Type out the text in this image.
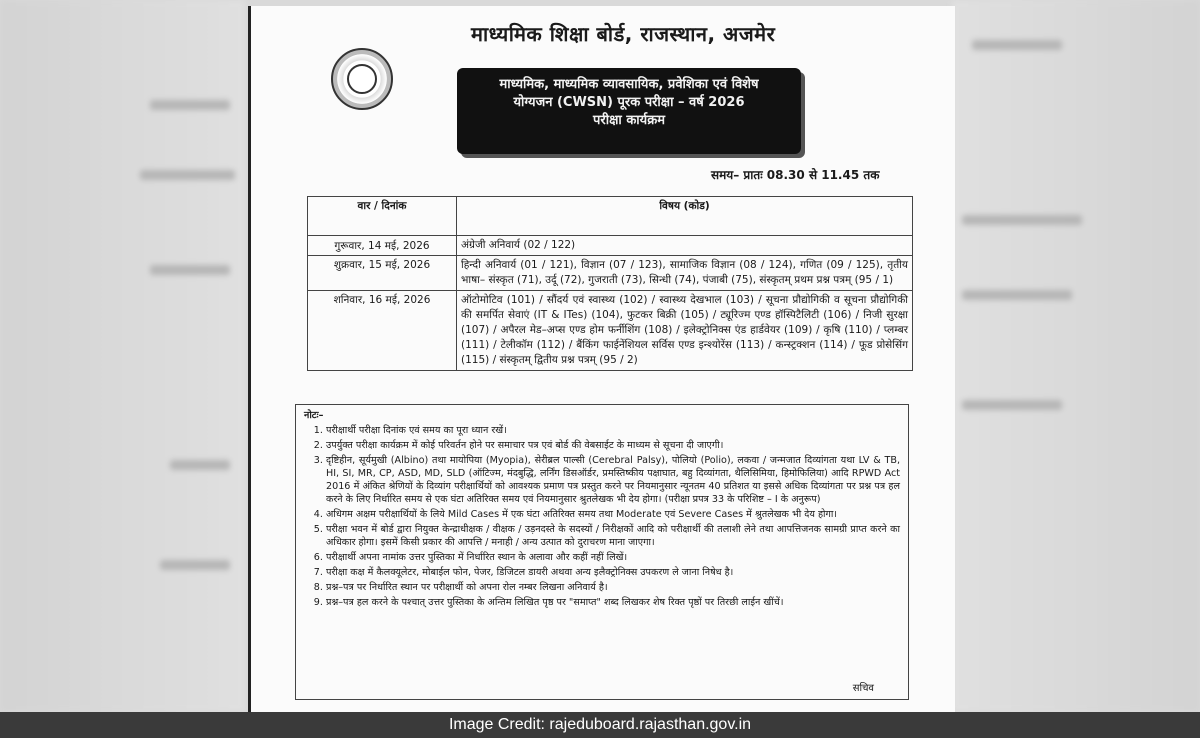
माध्यमिक शिक्षा बोर्ड, राजस्थान, अजमेर
माध्यमिक, माध्यमिक व्यावसायिक, प्रवेशिका एवं विशेष
योग्यजन (CWSN) पूरक परीक्षा – वर्ष 2026
परीक्षा कार्यक्रम
समय– प्रातः 08.30 से 11.45 तक
वार / दिनांक	विषय (कोड)
गुरूवार, 14 मई, 2026	अंग्रेजी अनिवार्य (02 / 122)
शुक्रवार, 15 मई, 2026	हिन्दी अनिवार्य (01 / 121), विज्ञान (07 / 123), सामाजिक विज्ञान (08 / 124), गणित (09 / 125), तृतीय भाषा– संस्कृत (71), उर्दू (72), गुजराती (73), सिन्धी (74), पंजाबी (75), संस्कृतम् प्रथम प्रश्न पत्रम् (95 / 1)
शनिवार, 16 मई, 2026	ऑटोमोटिव (101) / सौंदर्य एवं स्वास्थ्य (102) / स्वास्थ्य देखभाल (103) / सूचना प्रौद्योगिकी व सूचना प्रौद्योगिकी की समर्पित सेवाएं (IT & ITes) (104), फुटकर बिक्री (105) / ट्यूरिज्म एण्ड हॉस्पिटैलिटी (106) / निजी सुरक्षा (107) / अपैरल मेड–अप्स एण्ड होम फर्नीशिंग (108) / इलेक्ट्रोनिक्स एंड हार्डवेयर (109) / कृषि (110) / प्लम्बर (111) / टेलीकॉम (112) / बैंकिंग फाईनेंशियल सर्विस एण्ड इन्श्योरेंस (113) / कन्स्ट्रक्शन (114) / फूड प्रोसेसिंग (115) / संस्कृतम् द्वितीय प्रश्न पत्रम् (95 / 2)
नोटः–
1. परीक्षार्थी परीक्षा दिनांक एवं समय का पूरा ध्यान रखें।
2. उपर्युक्त परीक्षा कार्यक्रम में कोई परिवर्तन होने पर समाचार पत्र एवं बोर्ड की वेबसाईट के माध्यम से सूचना दी जाएगी।
3. दृष्टिहीन, सूर्यमुखी (Albino) तथा मायोपिया (Myopia), सेरीब्रल पाल्सी (Cerebral Palsy), पोलियो (Polio), लकवा / जन्मजात दिव्यांगता यथा LV & TB, HI, SI, MR, CP, ASD, MD, SLD (ऑटिज्म, मंदबुद्धि, लर्निंग डिसऑर्डर, प्रमस्तिष्कीय पक्षाघात, बहु दिव्यांगता, थैलिसिमिया, हिमोफिलिया) आदि RPWD Act 2016 में अंकित श्रेणियों के दिव्यांग परीक्षार्थियों को आवश्यक प्रमाण पत्र प्रस्तुत करने पर नियमानुसार न्यूनतम 40 प्रतिशत या इससे अधिक दिव्यांगता पर प्रश्न पत्र हल करने के लिए निर्धारित समय से एक घंटा अतिरिक्त समय एवं नियमानुसार श्रुतलेखक भी देय होगा। (परीक्षा प्रपत्र 33 के परिशिष्ट – I के अनुरूप)
4. अधिगम अक्षम परीक्षार्थियों के लिये Mild Cases में एक घंटा अतिरिक्त समय तथा Moderate एवं Severe Cases में श्रुतलेखक भी देय होगा।
5. परीक्षा भवन में बोर्ड द्वारा नियुक्त केन्द्राधीक्षक / वीक्षक / उड़नदस्ते के सदस्यों / निरीक्षकों आदि को परीक्षार्थी की तलाशी लेने तथा आपत्तिजनक सामग्री प्राप्त करने का अधिकार होगा। इसमें किसी प्रकार की आपत्ति / मनाही / अन्य उत्पात को दुराचरण माना जाएगा।
6. परीक्षार्थी अपना नामांक उत्तर पुस्तिका में निर्धारित स्थान के अलावा और कहीं नहीं लिखें।
7. परीक्षा कक्ष में कैलक्यूलेटर, मोबाईल फोन, पेजर, डिजिटल डायरी अथवा अन्य इलैक्ट्रोनिक्स उपकरण ले जाना निषेध है।
8. प्रश्न–पत्र पर निर्धारित स्थान पर परीक्षार्थी को अपना रोल नम्बर लिखना अनिवार्य है।
9. प्रश्न–पत्र हल करने के पश्चात् उत्तर पुस्तिका के अन्तिम लिखित पृष्ठ पर "समाप्त" शब्द लिखकर शेष रिक्त पृष्ठों पर तिरछी लाईन खींचें।
सचिव
Image Credit: rajeduboard.rajasthan.gov.in
